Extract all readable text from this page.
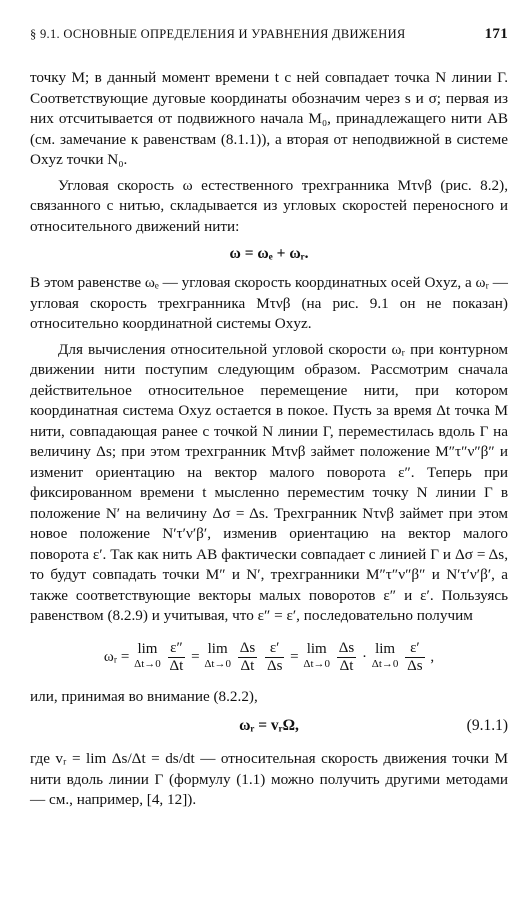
§ 9.1. ОСНОВНЫЕ ОПРЕДЕЛЕНИЯ И УРАВНЕНИЯ ДВИЖЕНИЯ	171

точку M; в данный момент времени t с ней совпадает точка N линии Г. Соответствующие дуговые координаты обозначим через s и σ; первая из них отсчитывается от подвижного начала M₀, принадлежащего нити AB (см. замечание к равенствам (8.1.1)), а вторая от неподвижной в системе Oxyz точки N₀.

Угловая скорость ω естественного трехгранника Mτνβ (рис. 8.2), связанного с нитью, складывается из угловых скоростей переносного и относительного движений нити:

ω = ωₑ + ωᵣ.

В этом равенстве ωₑ — угловая скорость координатных осей Oxyz, а ωᵣ — угловая скорость трехгранника Mτνβ (на рис. 9.1 он не показан) относительно координатной системы Oxyz.

Для вычисления относительной угловой скорости ωᵣ при контурном движении нити поступим следующим образом. Рассмотрим сначала действительное относительное перемещение нити, при котором координатная система Oxyz остается в покое. Пусть за время Δt точка M нити, совпадающая ранее с точкой N линии Г, переместилась вдоль Г на величину Δs; при этом трехгранник Mτνβ займет положение M″τ″ν″β″ и изменит ориентацию на вектор малого поворота ε″. Теперь при фиксированном времени t мысленно переместим точку N линии Г в положение N′ на величину Δσ = Δs. Трехгранник Nτνβ займет при этом новое положение N′τ′ν′β′, изменив ориентацию на вектор малого поворота ε′. Так как нить AB фактически совпадает с линией Г и Δσ = Δs, то будут совпадать точки M″ и N′, трехгранники M″τ″ν″β″ и N′τ′ν′β′, а также соответствующие векторы малых поворотов ε″ и ε′. Пользуясь равенством (8.2.9) и учитывая, что ε″ = ε′, последовательно получим

ωᵣ = lim
Δt→0
$\frac{\varepsilon''}{\Delta t} = \lim$
Δt→0
$\frac{\Delta s}{\Delta t}$
$\frac{\varepsilon'}{\Delta s} = \lim$
Δt→0
$\frac{\Delta s}{\Delta t} \cdot \lim$
Δt→0
$\frac{\varepsilon'}{\Delta s}$ ,

или, принимая во внимание (8.2.2),

ωᵣ = vᵣΩ,	(9.1.1)

где vᵣ = lim Δs/Δt = ds/dt — относительная скорость движения точки M нити вдоль линии Г (формулу (1.1) можно получить другими методами — см., например, [4, 12]).
